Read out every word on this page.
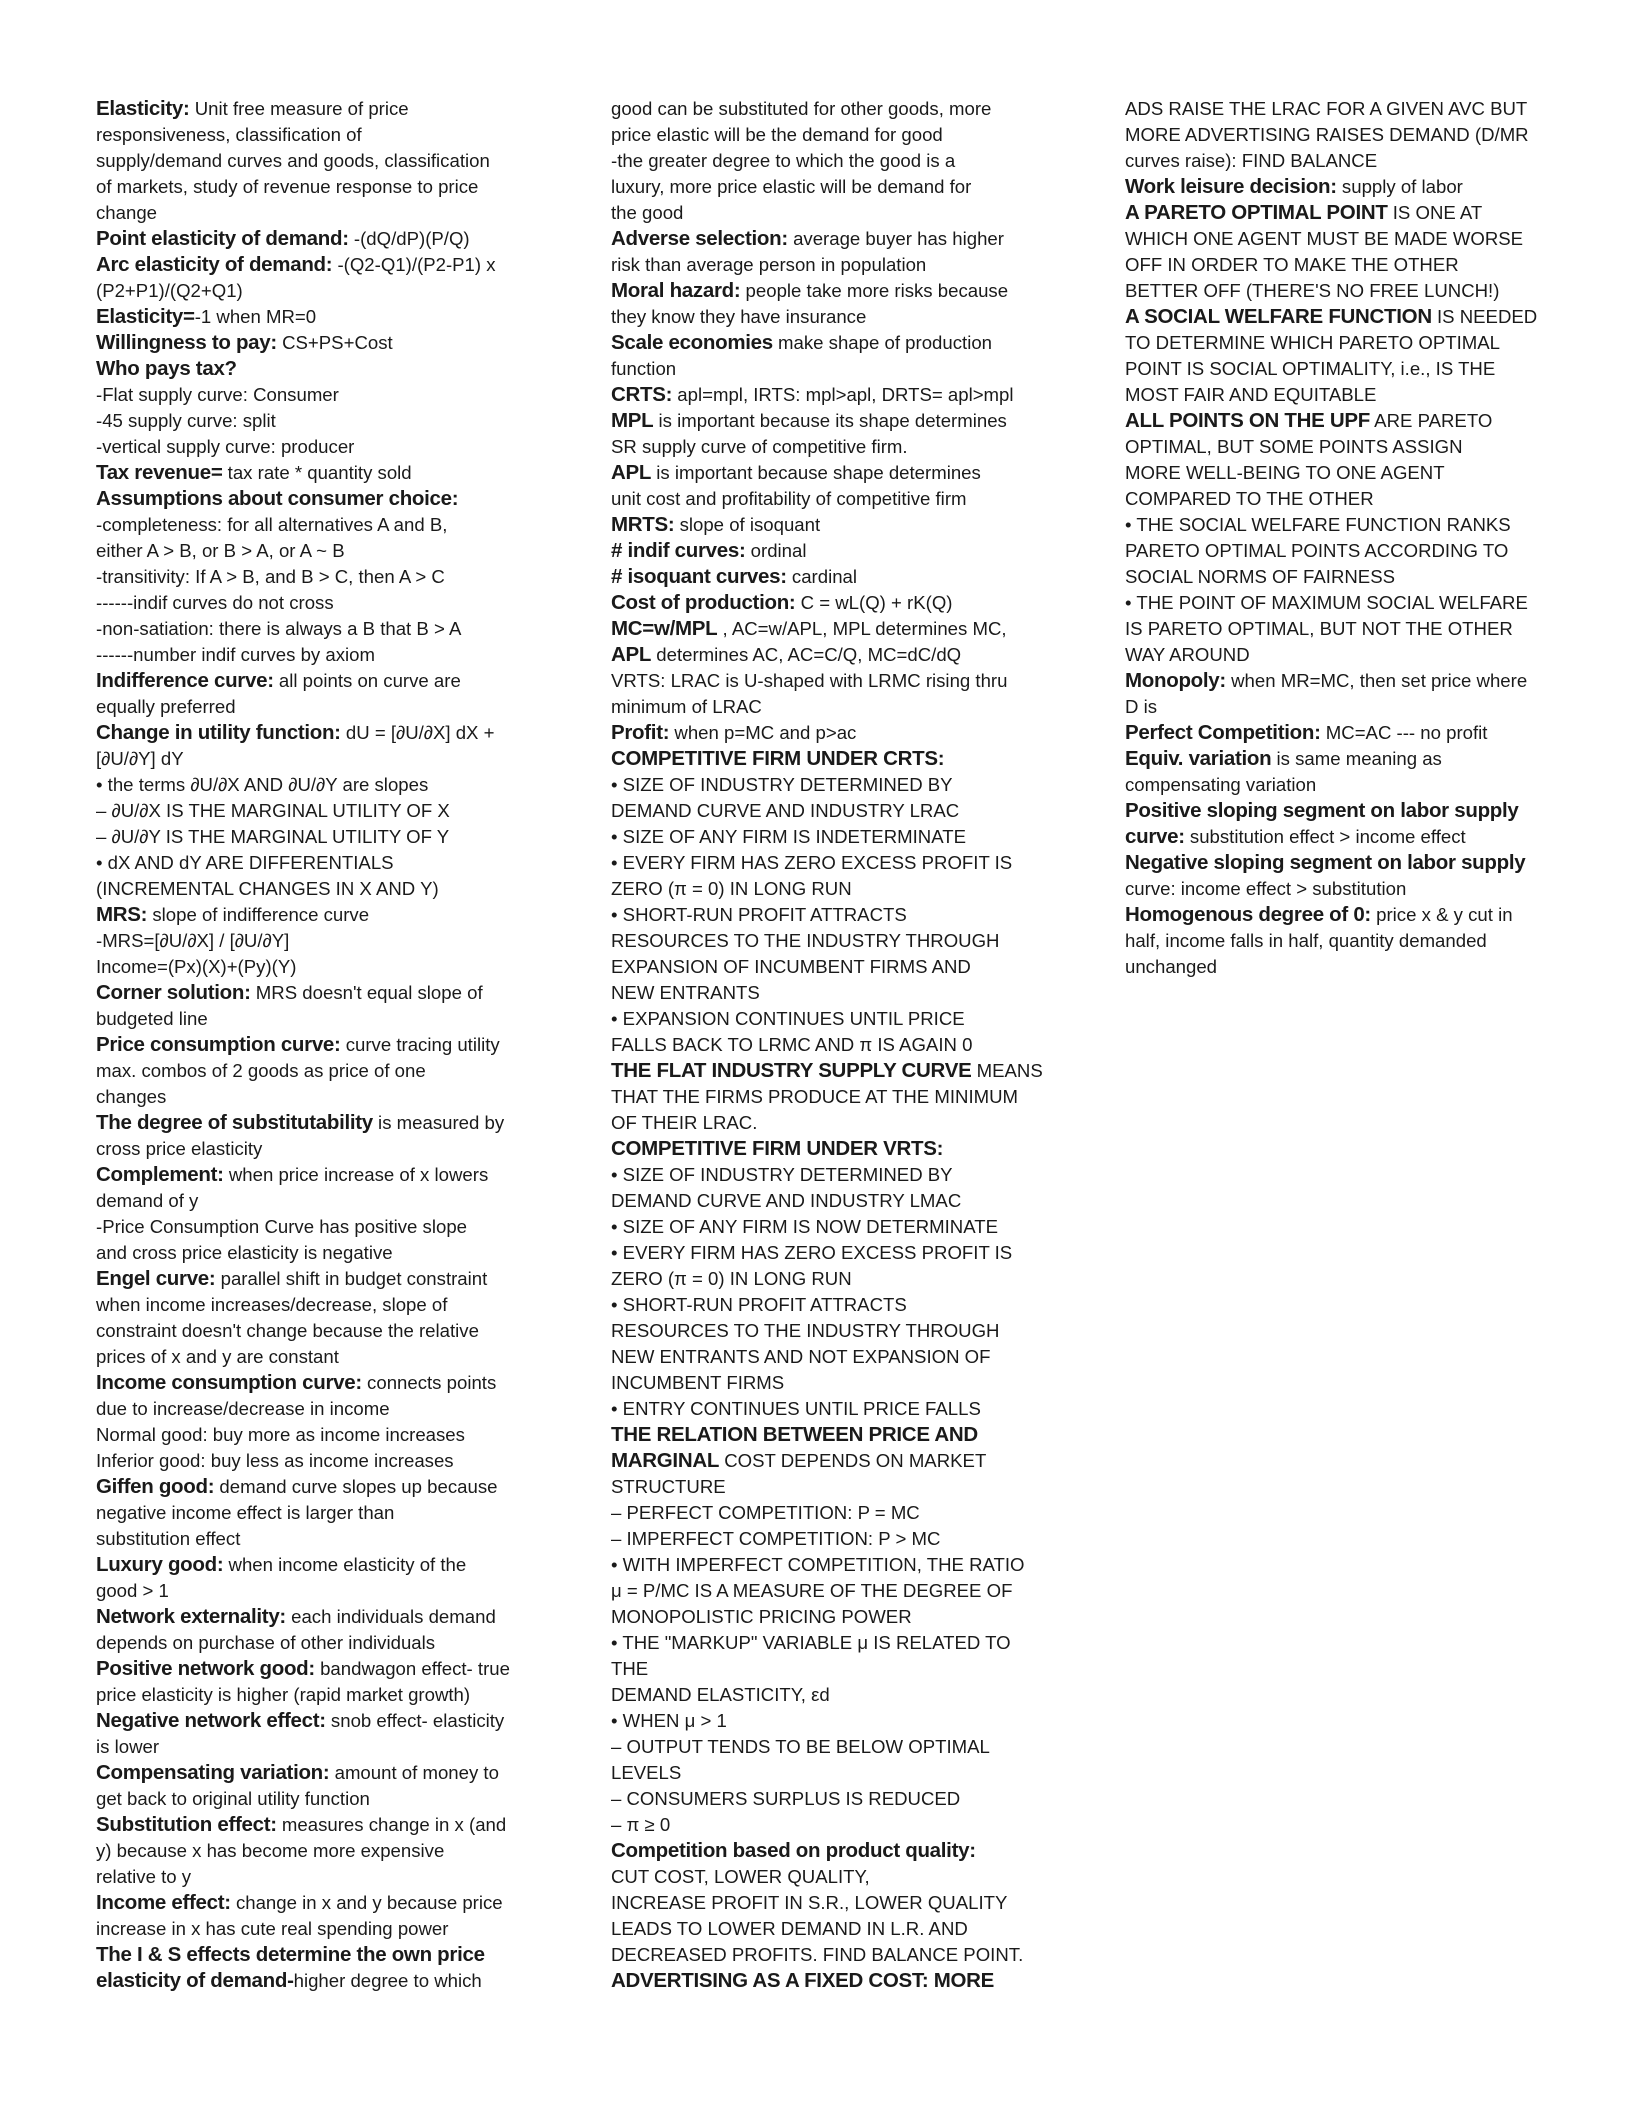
Elasticity: Unit free measure of price
responsiveness, classification of
supply/demand curves and goods, classification
of markets, study of revenue response to price
change
Point elasticity of demand: -(dQ/dP)(P/Q)
Arc elasticity of demand: -(Q2-Q1)/(P2-P1) x
(P2+P1)/(Q2+Q1)
Elasticity=-1 when MR=0
Willingness to pay: CS+PS+Cost
Who pays tax?
-Flat supply curve: Consumer
-45 supply curve: split
-vertical supply curve: producer
Tax revenue= tax rate * quantity sold
Assumptions about consumer choice:
-completeness: for all alternatives A and B,
either A > B, or B > A, or A ~ B
-transitivity: If A > B, and B > C, then A > C
------indif curves do not cross
-non-satiation: there is always a B that B > A
------number indif curves by axiom
Indifference curve: all points on curve are
equally preferred
Change in utility function: dU = [∂U/∂X] dX +
[∂U/∂Y] dY
• the terms ∂U/∂X AND ∂U/∂Y are slopes
– ∂U/∂X IS THE MARGINAL UTILITY OF X
– ∂U/∂Y IS THE MARGINAL UTILITY OF Y
• dX AND dY ARE DIFFERENTIALS
(INCREMENTAL CHANGES IN X AND Y)
MRS: slope of indifference curve
-MRS=[∂U/∂X] / [∂U/∂Y]
Income=(Px)(X)+(Py)(Y)
Corner solution: MRS doesn't equal slope of
budgeted line
Price consumption curve: curve tracing utility
max. combos of 2 goods as price of one
changes
The degree of substitutability is measured by
cross price elasticity
Complement: when price increase of x lowers
demand of y
-Price Consumption Curve has positive slope
and cross price elasticity is negative
Engel curve: parallel shift in budget constraint
when income increases/decrease, slope of
constraint doesn't change because the relative
prices of x and y are constant
Income consumption curve: connects points
due to increase/decrease in income
Normal good: buy more as income increases
Inferior good: buy less as income increases
Giffen good: demand curve slopes up because
negative income effect is larger than
substitution effect
Luxury good: when income elasticity of the
good > 1
Network externality: each individuals demand
depends on purchase of other individuals
Positive network good: bandwagon effect- true
price elasticity is higher (rapid market growth)
Negative network effect: snob effect- elasticity
is lower
Compensating variation: amount of money to
get back to original utility function
Substitution effect: measures change in x (and
y) because x has become more expensive
relative to y
Income effect: change in x and y because price
increase in x has cute real spending power
The I & S effects determine the own price
elasticity of demand-higher degree to which
good can be substituted for other goods, more
price elastic will be the demand for good
-the greater degree to which the good is a
luxury, more price elastic will be demand for
the good
Adverse selection: average buyer has higher
risk than average person in population
Moral hazard: people take more risks because
they know they have insurance
Scale economies make shape of production
function
CRTS: apl=mpl, IRTS: mpl>apl, DRTS= apl>mpl
MPL is important because its shape determines
SR supply curve of competitive firm.
APL is important because shape determines
unit cost and profitability of competitive firm
MRTS: slope of isoquant
# indif curves: ordinal
# isoquant curves: cardinal
Cost of production: C = wL(Q) + rK(Q)
MC=w/MPL , AC=w/APL, MPL determines MC,
APL determines AC, AC=C/Q, MC=dC/dQ
VRTS: LRAC is U-shaped with LRMC rising thru
minimum of LRAC
Profit: when p=MC and p>ac
COMPETITIVE FIRM UNDER CRTS:
• SIZE OF INDUSTRY DETERMINED BY
DEMAND CURVE AND INDUSTRY LRAC
• SIZE OF ANY FIRM IS INDETERMINATE
• EVERY FIRM HAS ZERO EXCESS PROFIT IS
ZERO (π = 0) IN LONG RUN
• SHORT-RUN PROFIT ATTRACTS
RESOURCES TO THE INDUSTRY THROUGH
EXPANSION OF INCUMBENT FIRMS AND
NEW ENTRANTS
• EXPANSION CONTINUES UNTIL PRICE
FALLS BACK TO LRMC AND π IS AGAIN 0
THE FLAT INDUSTRY SUPPLY CURVE MEANS
THAT THE FIRMS PRODUCE AT THE MINIMUM
OF THEIR LRAC.
COMPETITIVE FIRM UNDER VRTS:
• SIZE OF INDUSTRY DETERMINED BY
DEMAND CURVE AND INDUSTRY LMAC
• SIZE OF ANY FIRM IS NOW DETERMINATE
• EVERY FIRM HAS ZERO EXCESS PROFIT IS
ZERO (π = 0) IN LONG RUN
• SHORT-RUN PROFIT ATTRACTS
RESOURCES TO THE INDUSTRY THROUGH
NEW ENTRANTS AND NOT EXPANSION OF
INCUMBENT FIRMS
• ENTRY CONTINUES UNTIL PRICE FALLS
THE RELATION BETWEEN PRICE AND
MARGINAL COST DEPENDS ON MARKET
STRUCTURE
– PERFECT COMPETITION: P = MC
– IMPERFECT COMPETITION: P > MC
• WITH IMPERFECT COMPETITION, THE RATIO
μ = P/MC IS A MEASURE OF THE DEGREE OF
MONOPOLISTIC PRICING POWER
• THE "MARKUP" VARIABLE μ IS RELATED TO
THE
DEMAND ELASTICITY, εd
• WHEN μ > 1
– OUTPUT TENDS TO BE BELOW OPTIMAL
LEVELS
– CONSUMERS SURPLUS IS REDUCED
– π ≥ 0
Competition based on product quality:
CUT COST, LOWER QUALITY,
INCREASE PROFIT IN S.R., LOWER QUALITY
LEADS TO LOWER DEMAND IN L.R. AND
DECREASED PROFITS. FIND BALANCE POINT.
ADVERTISING AS A FIXED COST: MORE
ADS RAISE THE LRAC FOR A GIVEN AVC BUT
MORE ADVERTISING RAISES DEMAND (D/MR
curves raise): FIND BALANCE
Work leisure decision: supply of labor
A PARETO OPTIMAL POINT IS ONE AT
WHICH ONE AGENT MUST BE MADE WORSE
OFF IN ORDER TO MAKE THE OTHER
BETTER OFF (THERE'S NO FREE LUNCH!)
A SOCIAL WELFARE FUNCTION IS NEEDED
TO DETERMINE WHICH PARETO OPTIMAL
POINT IS SOCIAL OPTIMALITY, i.e., IS THE
MOST FAIR AND EQUITABLE
ALL POINTS ON THE UPF ARE PARETO
OPTIMAL, BUT SOME POINTS ASSIGN
MORE WELL-BEING TO ONE AGENT
COMPARED TO THE OTHER
• THE SOCIAL WELFARE FUNCTION RANKS
PARETO OPTIMAL POINTS ACCORDING TO
SOCIAL NORMS OF FAIRNESS
• THE POINT OF MAXIMUM SOCIAL WELFARE
IS PARETO OPTIMAL, BUT NOT THE OTHER
WAY AROUND
Monopoly: when MR=MC, then set price where
D is
Perfect Competition: MC=AC --- no profit
Equiv. variation is same meaning as
compensating variation
Positive sloping segment on labor supply
curve: substitution effect > income effect
Negative sloping segment on labor supply
curve: income effect > substitution
Homogenous degree of 0: price x & y cut in
half, income falls in half, quantity demanded
unchanged
